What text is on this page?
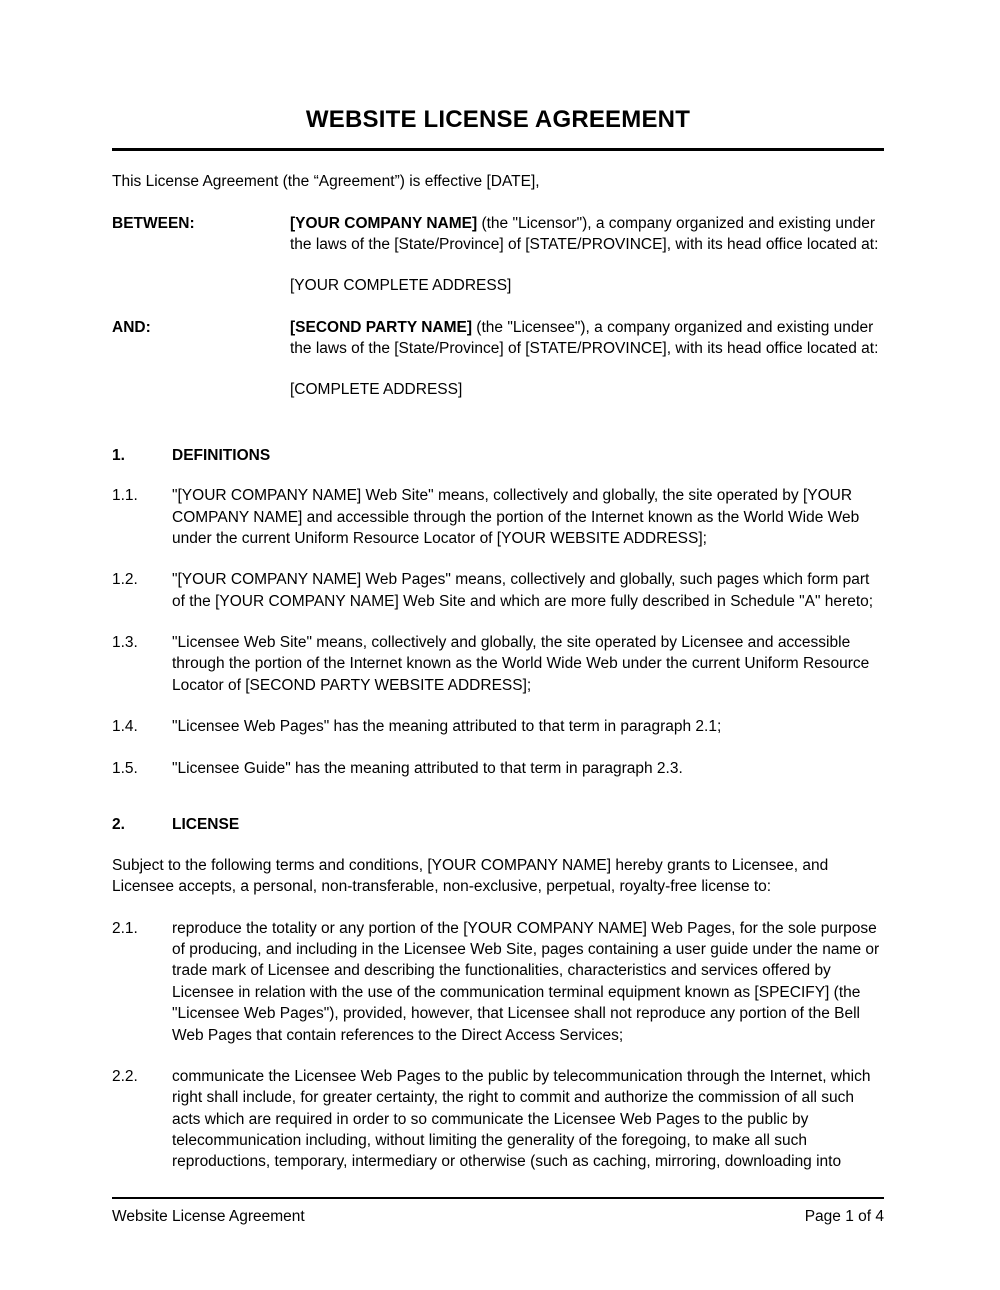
WEBSITE LICENSE AGREEMENT

This License Agreement (the “Agreement”) is effective [DATE],

BETWEEN:	[YOUR COMPANY NAME] (the "Licensor"), a company organized and existing under the laws of the [State/Province] of [STATE/PROVINCE], with its head office located at:
[YOUR COMPLETE ADDRESS]
AND:	[SECOND PARTY NAME] (the "Licensee"), a company organized and existing under the laws of the [State/Province] of [STATE/PROVINCE], with its head office located at:
[COMPLETE ADDRESS]
1.	DEFINITIONS
1.1.	"[YOUR COMPANY NAME] Web Site" means, collectively and globally, the site operated by [YOUR COMPANY NAME] and accessible through the portion of the Internet known as the World Wide Web under the current Uniform Resource Locator of [YOUR WEBSITE ADDRESS];
1.2.	"[YOUR COMPANY NAME] Web Pages" means, collectively and globally, such pages which form part of the [YOUR COMPANY NAME] Web Site and which are more fully described in Schedule "A" hereto;
1.3.	"Licensee Web Site" means, collectively and globally, the site operated by Licensee and accessible through the portion of the Internet known as the World Wide Web under the current Uniform Resource Locator of [SECOND PARTY WEBSITE ADDRESS];
1.4.	"Licensee Web Pages" has the meaning attributed to that term in paragraph 2.1;
1.5.	"Licensee Guide" has the meaning attributed to that term in paragraph 2.3.
2.	LICENSE

Subject to the following terms and conditions, [YOUR COMPANY NAME] hereby grants to Licensee, and Licensee accepts, a personal, non-transferable, non-exclusive, perpetual, royalty-free license to:

2.1.	reproduce the totality or any portion of the [YOUR COMPANY NAME] Web Pages, for the sole purpose of producing, and including in the Licensee Web Site, pages containing a user guide under the name or trade mark of Licensee and describing the functionalities, characteristics and services offered by Licensee in relation with the use of the communication terminal equipment known as [SPECIFY] (the "Licensee Web Pages"), provided, however, that Licensee shall not reproduce any portion of the Bell Web Pages that contain references to the Direct Access Services;
2.2.	communicate the Licensee Web Pages to the public by telecommunication through the Internet, which right shall include, for greater certainty, the right to commit and authorize the commission of all such acts which are required in order to so communicate the Licensee Web Pages to the public by telecommunication including, without limiting the generality of the foregoing, to make all such reproductions, temporary, intermediary or otherwise (such as caching, mirroring, downloading into
Website License Agreement	Page 1 of 4
